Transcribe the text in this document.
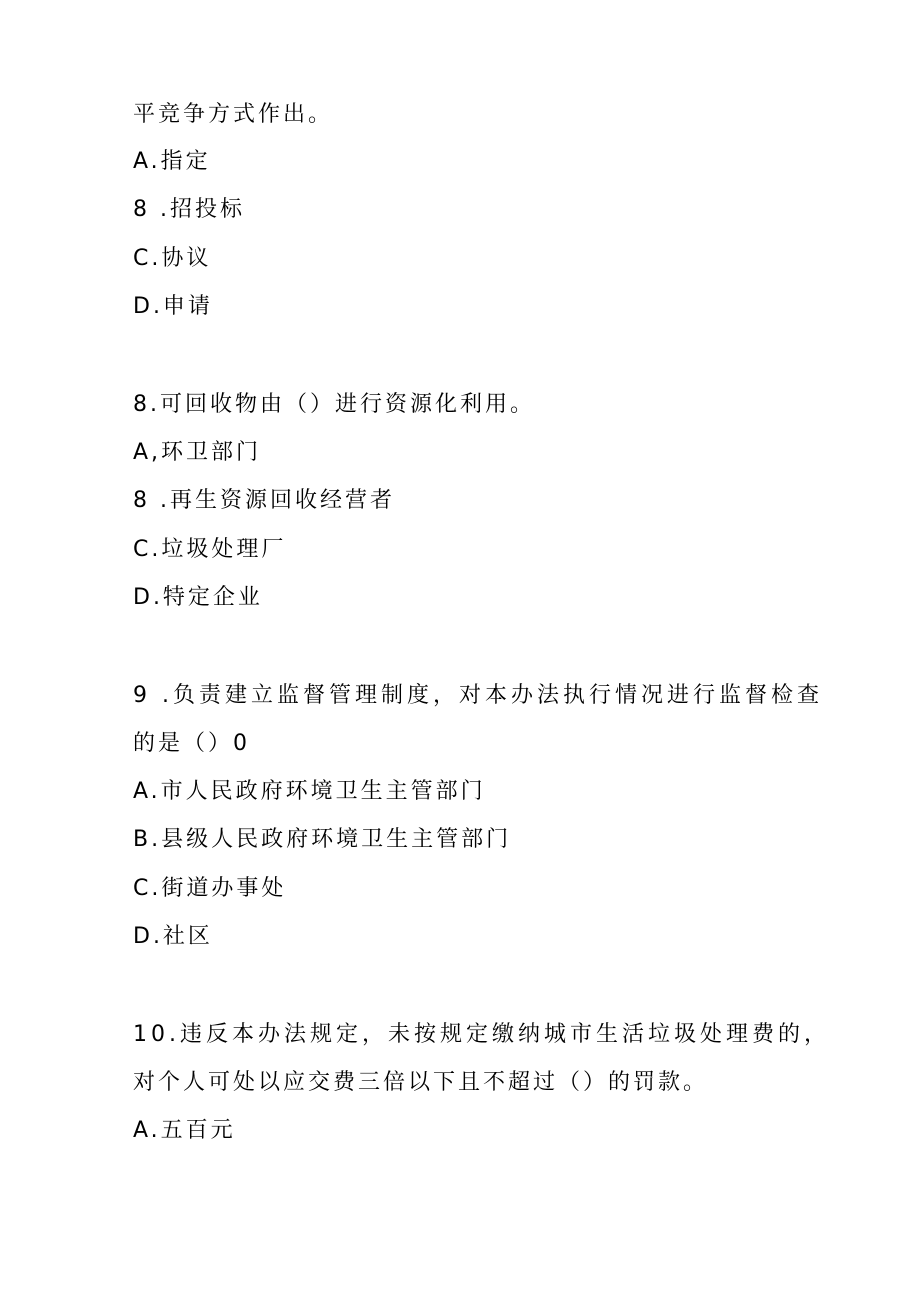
平竞争方式作出。
A.指定
8 .招投标
C.协议
D.申请
8.可回收物由（）进行资源化利用。
A,环卫部门
8 .再生资源回收经营者
C.垃圾处理厂
D.特定企业
9 .负责建立监督管理制度，对本办法执行情况进行监督检查
的是（）0
A.市人民政府环境卫生主管部门
B.县级人民政府环境卫生主管部门
C.街道办事处
D.社区
10.违反本办法规定，未按规定缴纳城市生活垃圾处理费的，
对个人可处以应交费三倍以下且不超过（）的罚款。
A.五百元
